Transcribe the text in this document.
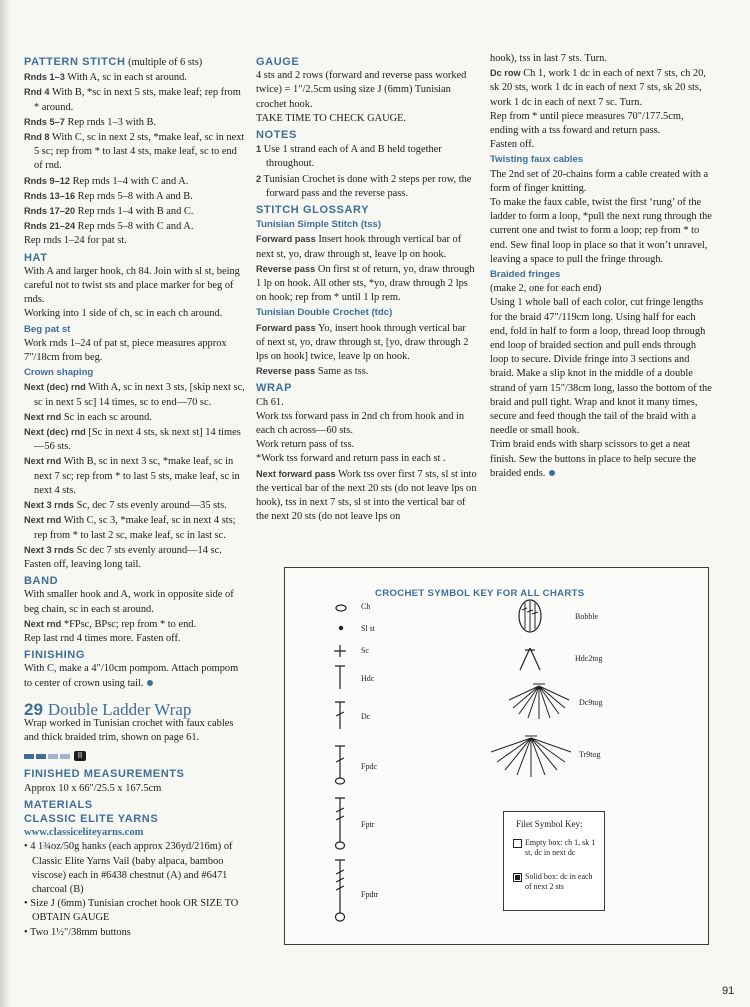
PATTERN STITCH (multiple of 6 sts)

Rnds 1–3 With A, sc in each st around.

Rnd 4 With B, *sc in next 5 sts, make leaf; rep from * around.

Rnds 5–7 Rep rnds 1–3 with B.

Rnd 8 With C, sc in next 2 sts, *make leaf, sc in next 5 sc; rep from * to last 4 sts, make leaf, sc to end of rnd.

Rnds 9–12 Rep rnds 1–4 with C and A.

Rnds 13–16 Rep rnds 5–8 with A and B.

Rnds 17–20 Rep rnds 1–4 with B and C.

Rnds 21–24 Rep rnds 5–8 with C and A.

Rep rnds 1–24 for pat st.

HAT

With A and larger hook, ch 84. Join with sl st, being careful not to twist sts and place marker for beg of rnds.

Working into 1 side of ch, sc in each ch around.

Beg pat st

Work rnds 1–24 of pat st, piece measures approx 7"/18cm from beg.

Crown shaping

Next (dec) rnd With A, sc in next 3 sts, [skip next sc, sc in next 5 sc] 14 times, sc to end—70 sc.

Next rnd Sc in each sc around.

Next (dec) rnd [Sc in next 4 sts, sk next st] 14 times—56 sts.

Next rnd With B, sc in next 3 sc, *make leaf, sc in next 7 sc; rep from * to last 5 sts, make leaf, sc in next 4 sts.

Next 3 rnds Sc, dec 7 sts evenly around—35 sts.

Next rnd With C, sc 3, *make leaf, sc in next 4 sts; rep from * to last 2 sc, make leaf, sc in last sc.

Next 3 rnds Sc dec 7 sts evenly around—14 sc.

Fasten off, leaving long tail.

BAND

With smaller hook and A, work in opposite side of beg chain, sc in each st around.

Next rnd *FPsc, BPsc; rep from * to end.

Rep last rnd 4 times more. Fasten off.

FINISHING

With C, make a 4"/10cm pompom. Attach pompom to center of crown using tail.

29 Double Ladder Wrap

Wrap worked in Tunisian crochet with faux cables and thick braided trim, shown on page 61.

II

FINISHED MEASUREMENTS

Approx 10 x 66"/25.5 x 167.5cm

MATERIALS

CLASSIC ELITE YARNS

www.classiceliteyarns.com

• 4 1¾oz/50g hanks (each approx 236yd/216m) of Classic Elite Yarns Vail (baby alpaca, bamboo viscose) each in #6438 chestnut (A) and #6471 charcoal (B)

• Size J (6mm) Tunisian crochet hook OR SIZE TO OBTAIN GAUGE

• Two 1½"/38mm buttons

GAUGE

4 sts and 2 rows (forward and reverse pass worked twice) = 1"/2.5cm using size J (6mm) Tunisian crochet hook.

TAKE TIME TO CHECK GAUGE.

NOTES

1 Use 1 strand each of A and B held together throughout.

2 Tunisian Crochet is done with 2 steps per row, the forward pass and the reverse pass.

STITCH GLOSSARY

Tunisian Simple Stitch (tss)

Forward pass Insert hook through vertical bar of next st, yo, draw through st, leave lp on hook.

Reverse pass On first st of return, yo, draw through 1 lp on hook. All other sts, *yo, draw through 2 lps on hook; rep from * until 1 lp rem.

Tunisian Double Crochet (tdc)

Forward pass Yo, insert hook through vertical bar of next st, yo, draw through st, [yo, draw through 2 lps on hook] twice, leave lp on hook.

Reverse pass Same as tss.

WRAP

Ch 61.

Work tss forward pass in 2nd ch from hook and in each ch across—60 sts.

Work return pass of tss.

*Work tss forward and return pass in each st .

Next forward pass Work tss over first 7 sts, sl st into the vertical bar of the next 20 sts (do not leave lps on hook), tss in next 7 sts, sl st into the vertical bar of the next 20 sts (do not leave lps on

hook), tss in last 7 sts. Turn.

Dc row Ch 1, work 1 dc in each of next 7 sts, ch 20, sk 20 sts, work 1 dc in each of next 7 sts, sk 20 sts, work 1 dc in each of next 7 sc. Turn.

Rep from * until piece measures 70"/177.5cm, ending with a tss foward and return pass.

Fasten off.

Twisting faux cables

The 2nd set of 20-chains form a cable created with a form of finger knitting.

To make the faux cable, twist the first ‘rung’ of the ladder to form a loop, *pull the next rung through the current one and twist to form a loop; rep from * to end. Sew final loop in place so that it won’t unravel, leaving a space to pull the fringe through.

Braided fringes

(make 2, one for each end)

Using 1 whole ball of each color, cut fringe lengths for the braid 47"/119cm long. Using half for each end, fold in half to form a loop, thread loop through end loop of braided section and pull ends through loop to secure. Divide fringe into 3 sections and braid. Make a slip knot in the middle of a double strand of yarn 15"/38cm long, lasso the bottom of the braid and pull tight. Wrap and knot it many times, secure and feed though the tail of the braid with a needle or small hook.

Trim braid ends with sharp scissors to get a neat finish. Sew the buttons in place to help secure the braided ends.

CROCHET SYMBOL KEY FOR ALL CHARTS
Ch
Sl st
Sc
Hdc
Dc
Fpdc
Fptr
Fpdtr
Bobble
Hdc2tog
Dc9tog
Tr9tog
Filet Symbol Key:
Empty box: ch 1, sk 1 st, dc in next dc
Solid box: dc in each of next 2 sts
91
